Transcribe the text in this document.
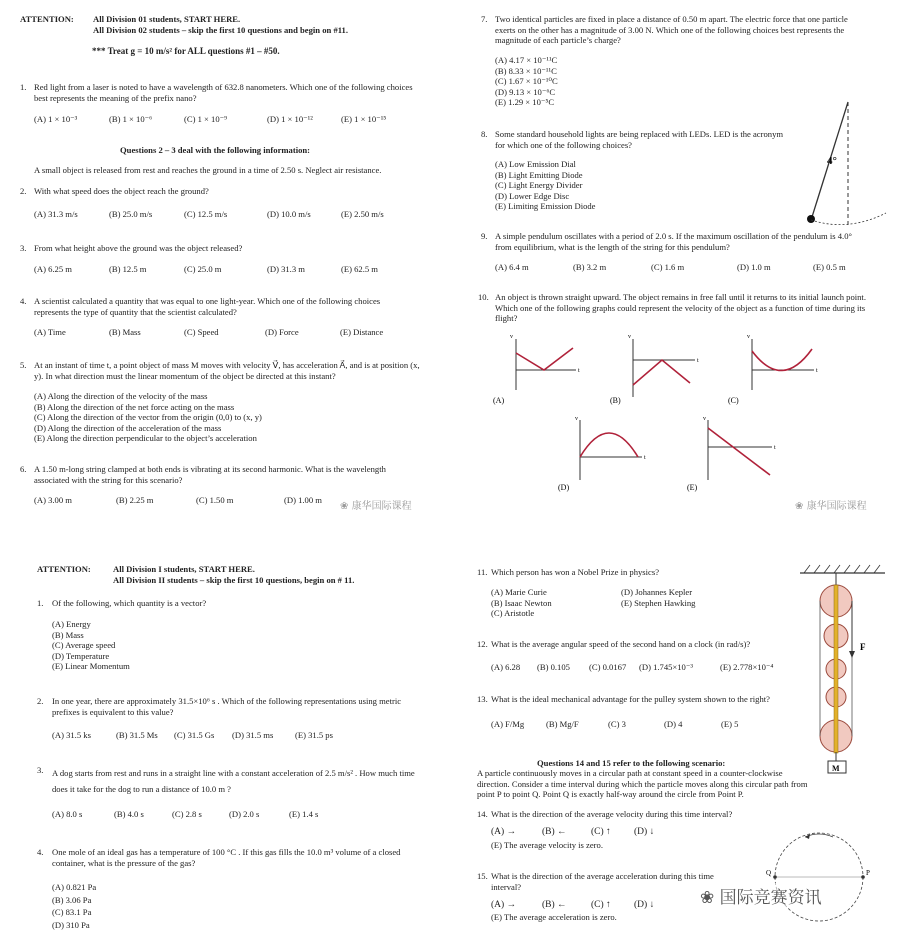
ATTENTION: All Division 01 students, START HERE.
All Division 02 students – skip the first 10 questions and begin on #11.
*** Treat g = 10 m/s² for ALL questions #1 – #50.
1. Red light from a laser is noted to have a wavelength of 632.8 nanometers. Which one of the following choices best represents the meaning of the prefix nano?
(A) 1 × 10⁻³	(B) 1 × 10⁻⁶	(C) 1 × 10⁻⁹	(D) 1 × 10⁻¹²	(E) 1 × 10⁻¹⁵
Questions 2 – 3 deal with the following information:
A small object is released from rest and reaches the ground in a time of 2.50 s. Neglect air resistance.
2. With what speed does the object reach the ground?
(A) 31.3 m/s	(B) 25.0 m/s	(C) 12.5 m/s	(D) 10.0 m/s	(E) 2.50 m/s
3. From what height above the ground was the object released?
(A) 6.25 m	(B) 12.5 m	(C) 25.0 m	(D) 31.3 m	(E) 62.5 m
4. A scientist calculated a quantity that was equal to one light-year. Which one of the following choices represents the type of quantity that the scientist calculated?
(A) Time	(B) Mass	(C) Speed	(D) Force	(E) Distance
5. At an instant of time t, a point object of mass M moves with velocity V⃗, has acceleration A⃗, and is at position (x, y). In what direction must the linear momentum of the object be directed at this instant?
(A) Along the direction of the velocity of the mass
(B) Along the direction of the net force acting on the mass
(C) Along the direction of the vector from the origin (0,0) to (x, y)
(D) Along the direction of the acceleration of the mass
(E) Along the direction perpendicular to the object’s acceleration
6. A 1.50 m-long string clamped at both ends is vibrating at its second harmonic. What is the wavelength associated with the string for this scenario?
(A) 3.00 m	(B) 2.25 m	(C) 1.50 m	(D) 1.00 m
❀ 康华国际课程
7. Two identical particles are fixed in place a distance of 0.50 m apart. The electric force that one particle exerts on the other has a magnitude of 3.00 N. Which one of the following choices best represents the magnitude of each particle’s charge?
(A) 4.17 × 10⁻¹¹C
(B) 8.33 × 10⁻¹¹C
(C) 1.67 × 10⁻¹⁰C
(D) 9.13 × 10⁻⁶C
(E) 1.29 × 10⁻⁵C
8. Some standard household lights are being replaced with LEDs. LED is the acronym for which one of the following choices?
(A) Low Emission Dial
(B) Light Emitting Diode
(C) Light Energy Divider
(D) Lower Edge Disc
(E) Limiting Emission Diode
4°
9. A simple pendulum oscillates with a period of 2.0 s. If the maximum oscillation of the pendulum is 4.0° from equilibrium, what is the length of the string for this pendulum?
(A) 6.4 m	(B) 3.2 m	(C) 1.6 m	(D) 1.0 m	(E) 0.5 m
10. An object is thrown straight upward. The object remains in free fall until it returns to its initial launch point. Which one of the following graphs could represent the velocity of the object as a function of time during its flight?
v
t
(A)
v
t
(B)
v
t
(C)
v
t
(D)
v
t
(E)
❀ 康华国际课程
ATTENTION:	All Division I students, START HERE.
All Division II students – skip the first 10 questions, begin on # 11.
1. Of the following, which quantity is a vector?
(A) Energy
(B) Mass
(C) Average speed
(D) Temperature
(E) Linear Momentum
2. In one year, there are approximately 31.5×10⁶ s . Which of the following representations using metric prefixes is equivalent to this value?
(A) 31.5 ks	(B) 31.5 Ms (C) 31.5 Gs (D) 31.5 ms	(E) 31.5 ps
3. A dog starts from rest and runs in a straight line with a constant acceleration of 2.5 m/s² . How much time does it take for the dog to run a distance of 10.0 m ?
(A) 8.0 s	(B) 4.0 s	(C) 2.8 s	(D) 2.0 s	(E) 1.4 s
4. One mole of an ideal gas has a temperature of 100 °C . If this gas fills the 10.0 m³ volume of a closed container, what is the pressure of the gas?
(A) 0.821 Pa
(B) 3.06 Pa
(C) 83.1 Pa
(D) 310 Pa
11. Which person has won a Nobel Prize in physics?
(A) Marie Curie
(B) Isaac Newton
(C) Aristotle
(D) Johannes Kepler
(E) Stephen Hawking
12. What is the average angular speed of the second hand on a clock (in rad/s)?
(A) 6.28 (B) 0.105 (C) 0.0167 (D) 1.745×10⁻³	(E) 2.778×10⁻⁴
13. What is the ideal mechanical advantage for the pulley system shown to the right?
(A) F/Mg	(B) Mg/F	(C) 3	(D) 4	(E) 5
F
M
Questions 14 and 15 refer to the following scenario:
A particle continuously moves in a circular path at constant speed in a counter-clockwise direction. Consider a time interval during which the particle moves along this circular path from point P to point Q. Point Q is exactly half-way around the circle from Point P.
14. What is the direction of the average velocity during this time interval?
(A) →	(B) ←	(C) ↑ (D) ↓
(E) The average velocity is zero.
15. What is the direction of the average acceleration during this time interval?
(A) →	(B) ←	(C) ↑ (D) ↓
(E) The average acceleration is zero.
P
Q
❀ 国际竞赛资讯
